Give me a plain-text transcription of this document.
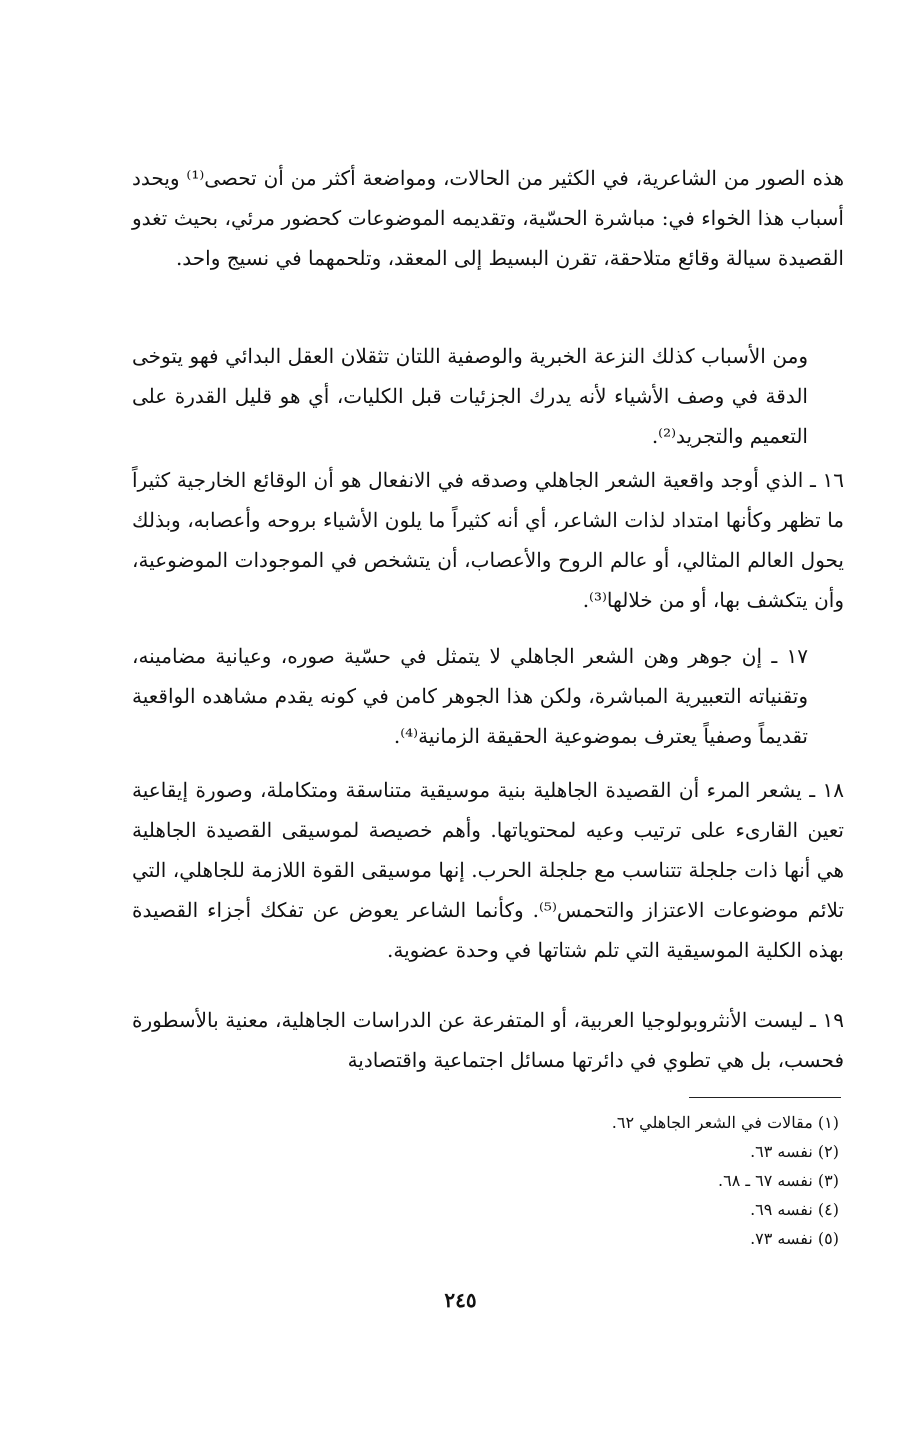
هذه الصور من الشاعرية، في الكثير من الحالات، ومواضعة أكثر من أن تحصى⁽¹⁾ ويحدد أسباب هذا الخواء في: مباشرة الحسّية، وتقديمه الموضوعات كحضور مرئي، بحيث تغدو القصيدة سيالة وقائع متلاحقة، تقرن البسيط إلى المعقد، وتلحمهما في نسيج واحد.

ومن الأسباب كذلك النزعة الخبرية والوصفية اللتان تثقلان العقل البدائي فهو يتوخى الدقة في وصف الأشياء لأنه يدرك الجزئيات قبل الكليات، أي هو قليل القدرة على التعميم والتجريد⁽²⁾.

١٦ ـ الذي أوجد واقعية الشعر الجاهلي وصدقه في الانفعال هو أن الوقائع الخارجية كثيراً ما تظهر وكأنها امتداد لذات الشاعر، أي أنه كثيراً ما يلون الأشياء بروحه وأعصابه، وبذلك يحول العالم المثالي، أو عالم الروح والأعصاب، أن يتشخص في الموجودات الموضوعية، وأن يتكشف بها، أو من خلالها⁽³⁾.

١٧ ـ إن جوهر وهن الشعر الجاهلي لا يتمثل في حسّية صوره، وعيانية مضامينه، وتقنياته التعبيرية المباشرة، ولكن هذا الجوهر كامن في كونه يقدم مشاهده الواقعية تقديماً وصفياً يعترف بموضوعية الحقيقة الزمانية⁽⁴⁾.

١٨ ـ يشعر المرء أن القصيدة الجاهلية بنية موسيقية متناسقة ومتكاملة، وصورة إيقاعية تعين القارىء على ترتيب وعيه لمحتوياتها. وأهم خصيصة لموسيقى القصيدة الجاهلية هي أنها ذات جلجلة تتناسب مع جلجلة الحرب. إنها موسيقى القوة اللازمة للجاهلي، التي تلائم موضوعات الاعتزاز والتحمس⁽⁵⁾. وكأنما الشاعر يعوض عن تفكك أجزاء القصيدة بهذه الكلية الموسيقية التي تلم شتاتها في وحدة عضوية.

١٩ ـ ليست الأنثروبولوجيا العربية، أو المتفرعة عن الدراسات الجاهلية، معنية بالأسطورة فحسب، بل هي تطوي في دائرتها مسائل اجتماعية واقتصادية

(١) مقالات في الشعر الجاهلي ٦٢.
(٢) نفسه ٦٣.
(٣) نفسه ٦٧ ـ ٦٨.
(٤) نفسه ٦٩.
(٥) نفسه ٧٣.
٢٤٥
